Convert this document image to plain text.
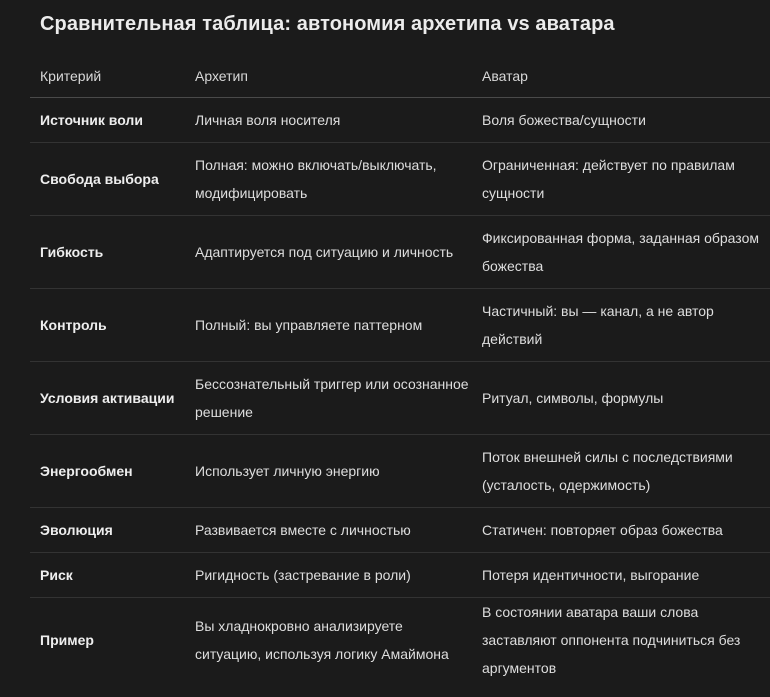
Сравнительная таблица: автономия архетипа vs аватара
Критерий	Архетип	Аватар
Источник воли	Личная воля носителя	Воля божества/сущности
Свобода выбора	Полная: можно включать/выключать, модифицировать	Ограниченная: действует по правилам сущности
Гибкость	Адаптируется под ситуацию и личность	Фиксированная форма, заданная образом божества
Контроль	Полный: вы управляете паттерном	Частичный: вы — канал, а не автор действий
Условия активации	Бессознательный триггер или осознанное решение	Ритуал, символы, формулы
Энергообмен	Использует личную энергию	Поток внешней силы с последствиями (усталость, одержимость)
Эволюция	Развивается вместе с личностью	Статичен: повторяет образ божества
Риск	Ригидность (застревание в роли)	Потеря идентичности, выгорание
Пример	Вы хладнокровно анализируете ситуацию, используя логику Амаймона	В состоянии аватара ваши слова заставляют оппонента подчиниться без аргументов
